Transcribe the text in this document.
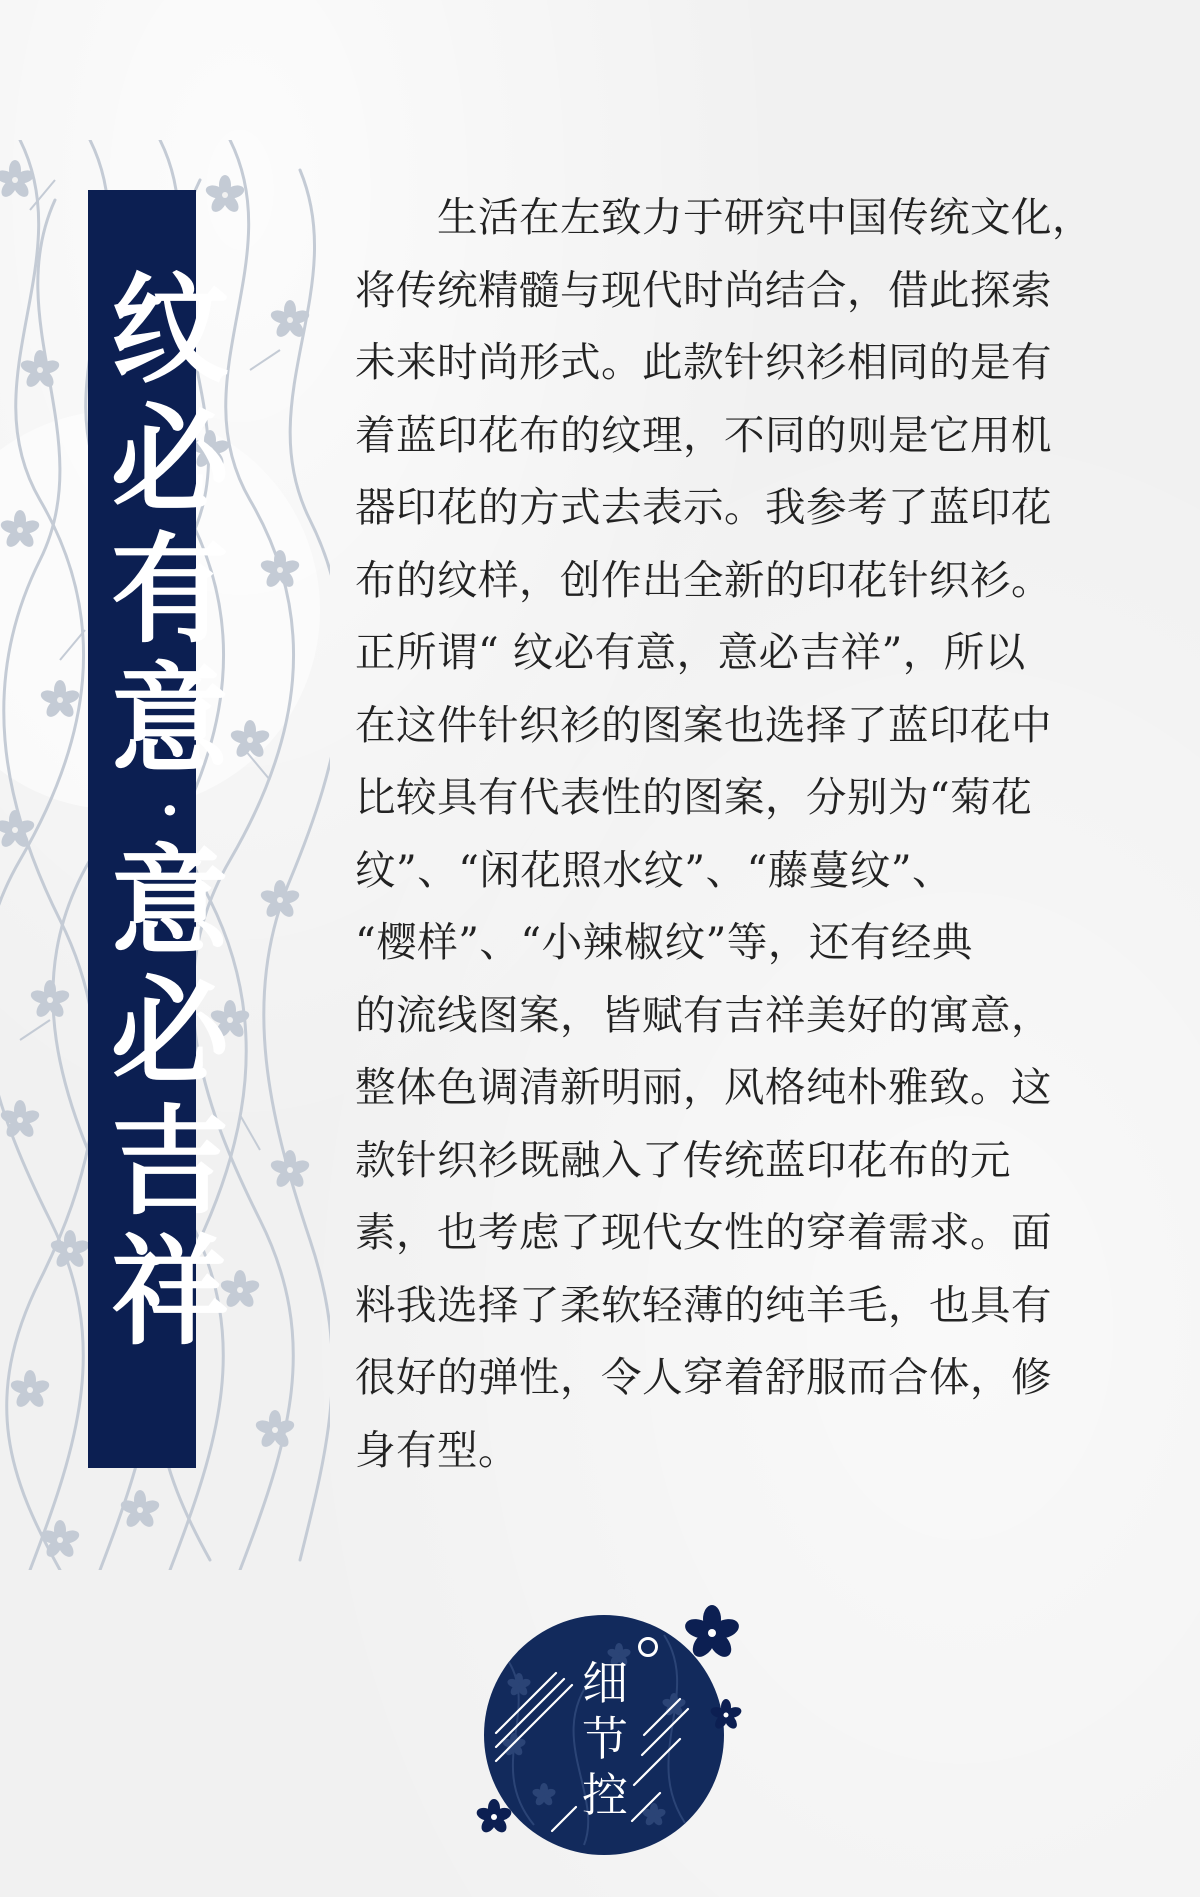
纹
必
有
意
·
意
必
吉
祥

　　生活在左致力于研究中国传统文化，
将传统精髓与现代时尚结合，借此探索
未来时尚形式。此款针织衫相同的是有
着蓝印花布的纹理，不同的则是它用机
器印花的方式去表示。我参考了蓝印花
布的纹样，创作出全新的印花针织衫。
正所谓“ 纹必有意，意必吉祥”，所以
在这件针织衫的图案也选择了蓝印花中
比较具有代表性的图案，分别为“菊花
纹”、“闲花照水纹”、“藤蔓纹”、
“樱样”、“小辣椒纹”等，还有经典
的流线图案，皆赋有吉祥美好的寓意，
整体色调清新明丽，风格纯朴雅致。这
款针织衫既融入了传统蓝印花布的元
素，也考虑了现代女性的穿着需求。面
料我选择了柔软轻薄的纯羊毛，也具有
很好的弹性，令人穿着舒服而合体，修
身有型。

细
节
控
